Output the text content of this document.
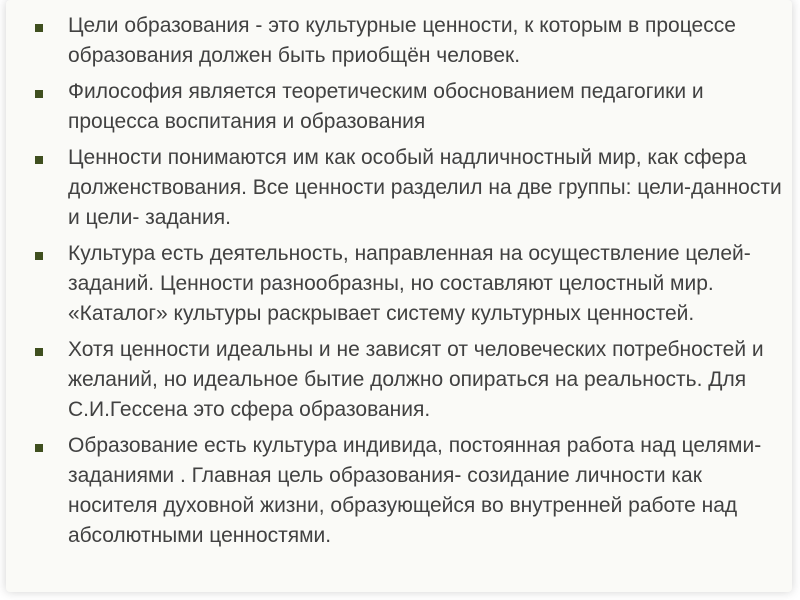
Цели образования - это культурные ценности, к которым в процессе образования должен быть приобщён человек.
Философия является теоретическим обоснованием педагогики и процесса воспитания и образования
Ценности понимаются им как особый надличностный мир, как сфера долженствования. Все ценности разделил на две группы: цели-данности и цели- задания.
Культура есть деятельность, направленная на осуществление целей-заданий. Ценности разнообразны, но составляют целостный мир. «Каталог» культуры раскрывает систему культурных ценностей.
Хотя ценности идеальны и не зависят от человеческих потребностей и желаний, но идеальное бытие должно опираться на реальность. Для С.И.Гессена это сфера образования.
Образование есть культура индивида, постоянная работа над целями-заданиями . Главная цель образования- созидание личности как носителя духовной жизни, образующейся во внутренней работе над абсолютными ценностями.
